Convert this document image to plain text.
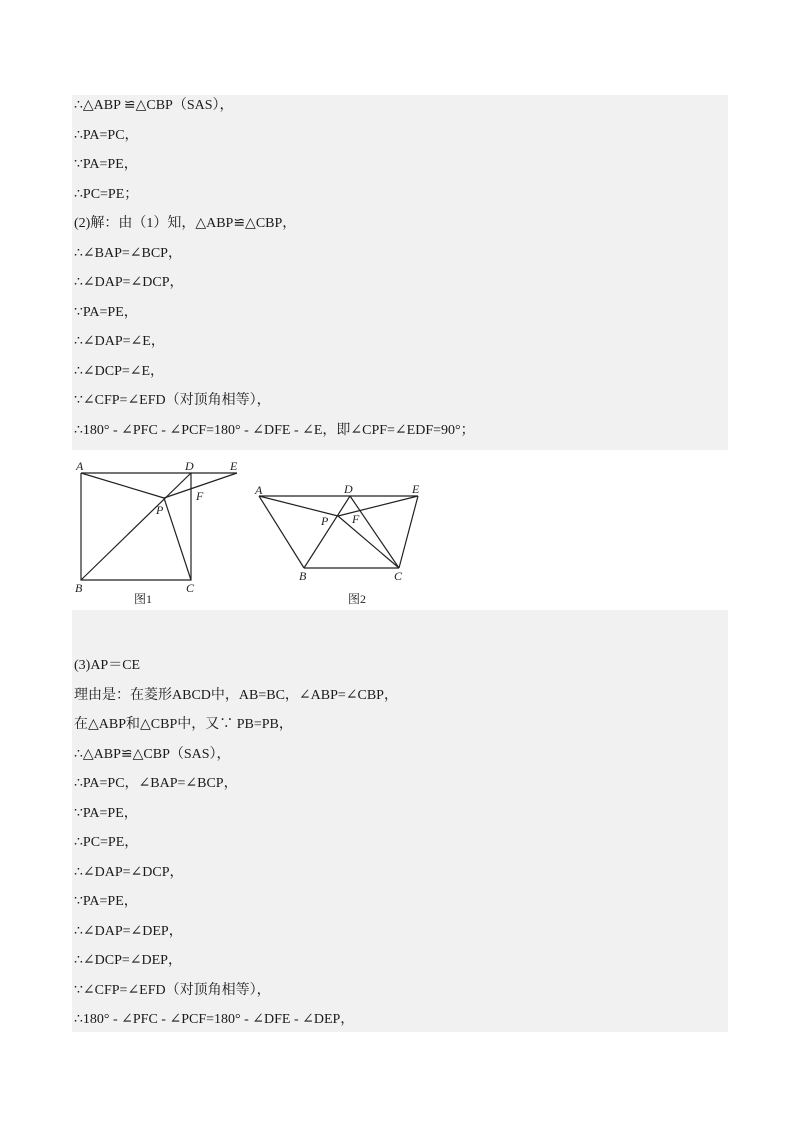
∴△ABP ≌△CBP（SAS），
∴PA=PC，
∵PA=PE，
∴PC=PE；
(2)解：由（1）知，△ABP≌△CBP，
∴∠BAP=∠BCP，
∴∠DAP=∠DCP，
∵PA=PE，
∴∠DAP=∠E，
∴∠DCP=∠E，
∵∠CFP=∠EFD（对顶角相等），
∴180° - ∠PFC - ∠PCF=180° - ∠DFE - ∠E，即∠CPF=∠EDF=90°；
A	D	E
F
P
B	C
图1
A	D	E
F
P
B	C
图2
(3)AP＝CE
理由是：在菱形ABCD中，AB=BC，∠ABP=∠CBP，
在△ABP和△CBP中，又∵ PB=PB，
∴△ABP≌△CBP（SAS），
∴PA=PC，∠BAP=∠BCP，
∵PA=PE，
∴PC=PE，
∴∠DAP=∠DCP，
∵PA=PE，
∴∠DAP=∠DEP，
∴∠DCP=∠DEP，
∵∠CFP=∠EFD（对顶角相等），
∴180° - ∠PFC - ∠PCF=180° - ∠DFE - ∠DEP，
